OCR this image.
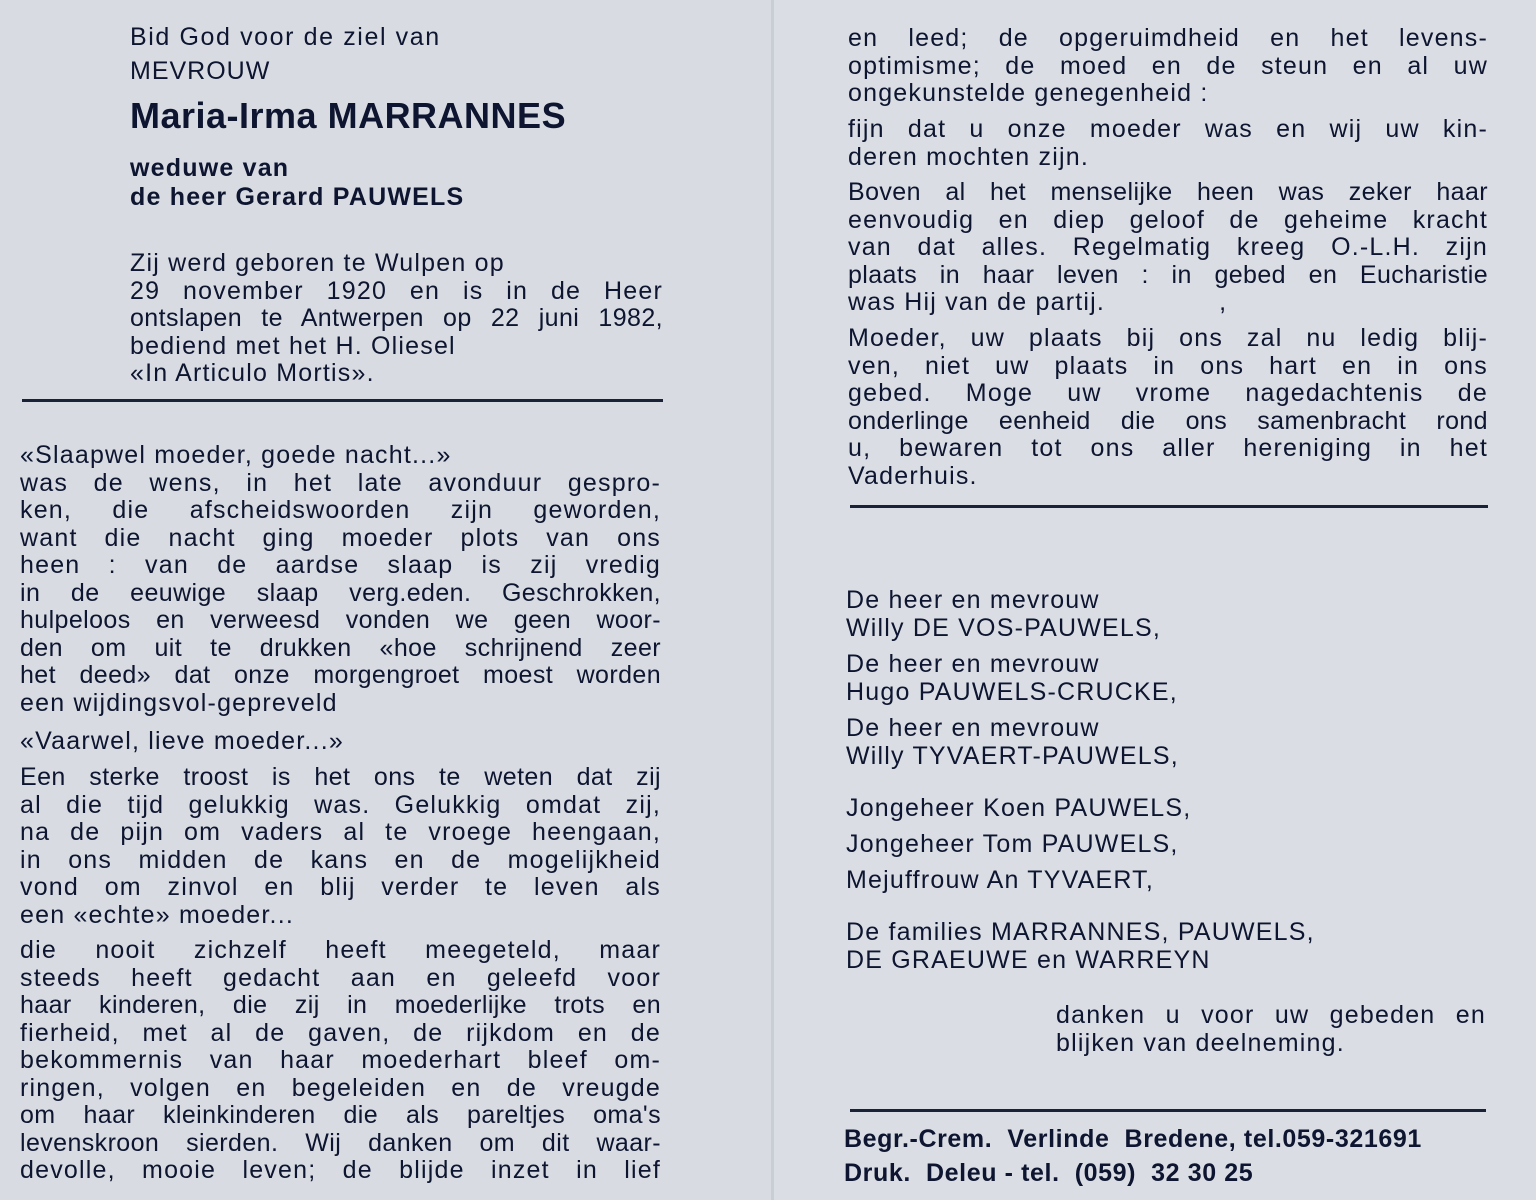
Bid God voor de ziel van
MEVROUW
Maria-Irma MARRANNES
weduwe van
de heer Gerard PAUWELS
Zij werd geboren te Wulpen op
29 november 1920 en is in de Heer
ontslapen te Antwerpen op 22 juni 1982,
bediend met het H. Oliesel
«In Articulo Mortis».
«Slaapwel moeder, goede nacht...»
was de wens, in het late avonduur gespro-
ken, die afscheidswoorden zijn geworden,
want die nacht ging moeder plots van ons
heen : van de aardse slaap is zij vredig
in de eeuwige slaap verg.eden. Geschrokken,
hulpeloos en verweesd vonden we geen woor-
den om uit te drukken «hoe schrijnend zeer
het deed» dat onze morgengroet moest worden
een wijdingsvol-gepreveld
«Vaarwel, lieve moeder...»
Een sterke troost is het ons te weten dat zij
al die tijd gelukkig was. Gelukkig omdat zij,
na de pijn om vaders al te vroege heengaan,
in ons midden de kans en de mogelijkheid
vond om zinvol en blij verder te leven als
een «echte» moeder...
die nooit zichzelf heeft meegeteld, maar
steeds heeft gedacht aan en geleefd voor
haar kinderen, die zij in moederlijke trots en
fierheid, met al de gaven, de rijkdom en de
bekommernis van haar moederhart bleef om-
ringen, volgen en begeleiden en de vreugde
om haar kleinkinderen die als pareltjes oma's
levenskroon sierden. Wij danken om dit waar-
devolle, mooie leven; de blijde inzet in lief
en leed; de opgeruimdheid en het levens-
optimisme; de moed en de steun en al uw
ongekunstelde genegenheid :
fijn dat u onze moeder was en wij uw kin-
deren mochten zijn.
Boven al het menselijke heen was zeker haar
eenvoudig en diep geloof de geheime kracht
van dat alles. Regelmatig kreeg O.-L.H. zijn
plaats in haar leven : in gebed en Eucharistie
was Hij van de partij.              ,
Moeder, uw plaats bij ons zal nu ledig blij-
ven, niet uw plaats in ons hart en in ons
gebed. Moge uw vrome nagedachtenis de
onderlinge eenheid die ons samenbracht rond
u, bewaren tot ons aller hereniging in het
Vaderhuis.
De heer en mevrouw
Willy DE VOS-PAUWELS,
De heer en mevrouw
Hugo PAUWELS-CRUCKE,
De heer en mevrouw
Willy TYVAERT-PAUWELS,
Jongeheer Koen PAUWELS,
Jongeheer Tom PAUWELS,
Mejuffrouw An TYVAERT,
De families MARRANNES, PAUWELS,
DE GRAEUWE en WARREYN
danken u voor uw gebeden en
blijken van deelneming.
Begr.-Crem.  Verlinde  Bredene, tel.059-321691
Druk.  Deleu - tel.  (059)  32 30 25
